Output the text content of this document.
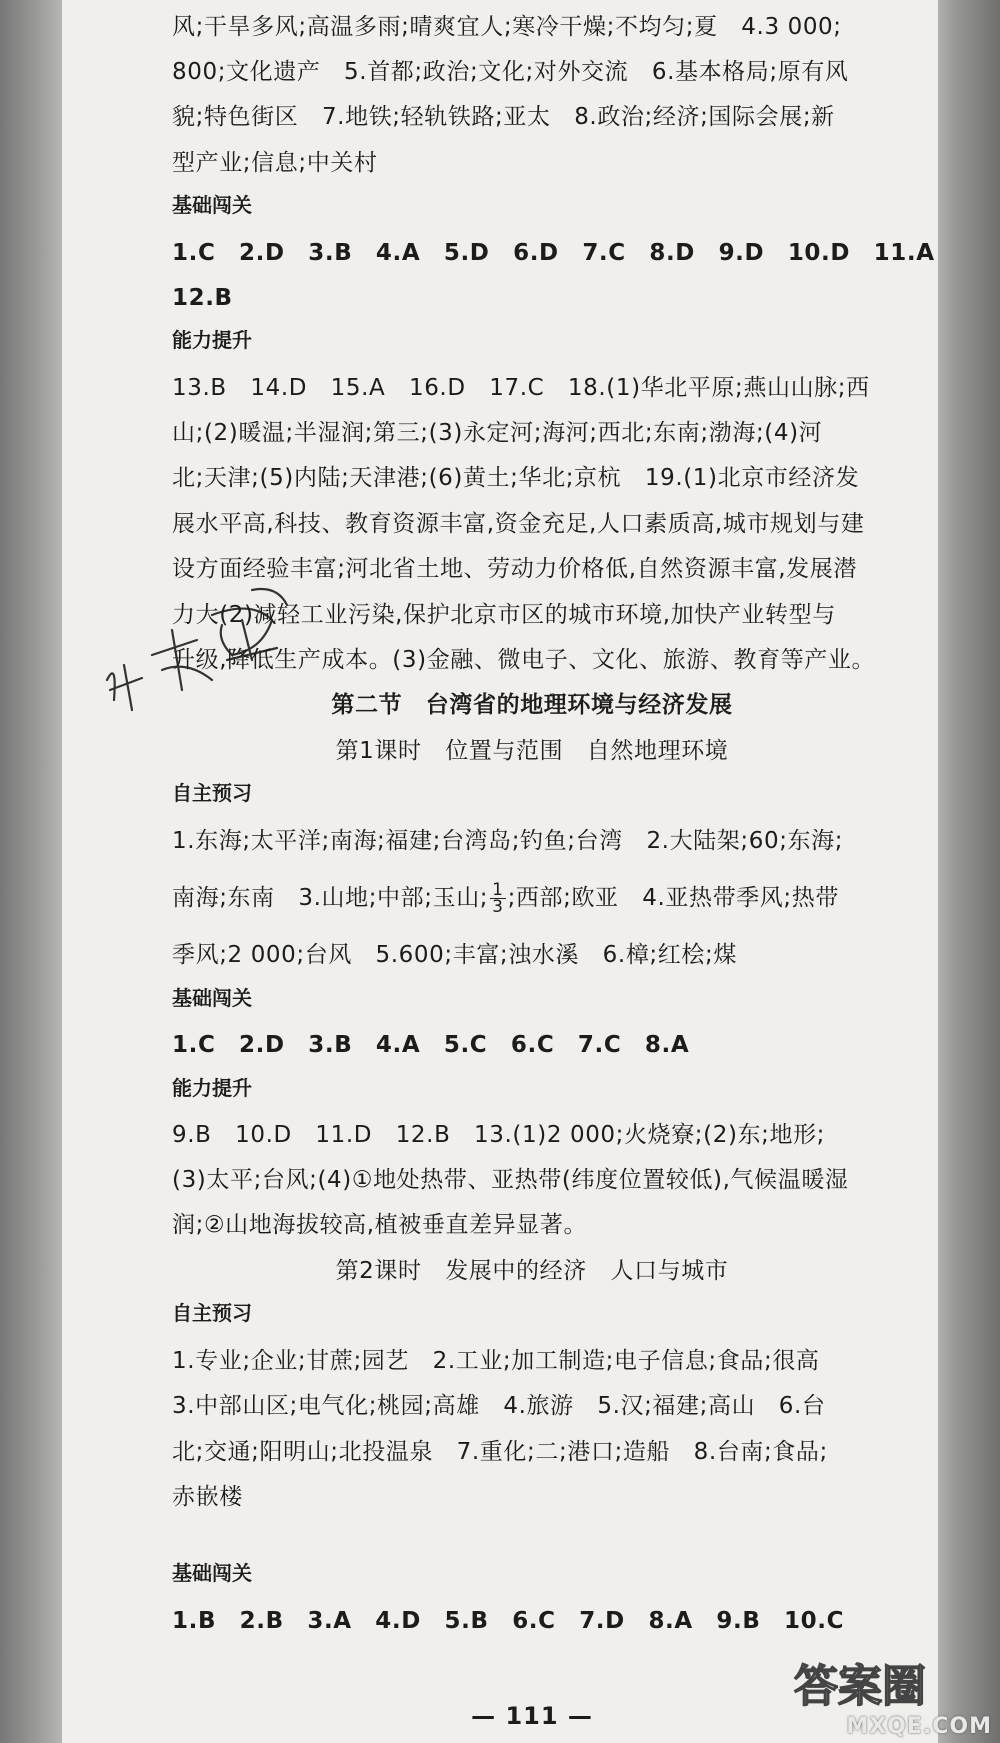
风;干旱多风;高温多雨;晴爽宜人;寒冷干燥;不均匀;夏　4.3 000;
800;文化遗产　5.首都;政治;文化;对外交流　6.基本格局;原有风
貌;特色街区　7.地铁;轻轨铁路;亚太　8.政治;经济;国际会展;新
型产业;信息;中关村
基础闯关
1.C　2.D　3.B　4.A　5.D　6.D　7.C　8.D　9.D　10.D　11.A
12.B
能力提升
13.B　14.D　15.A　16.D　17.C　18.(1)华北平原;燕山山脉;西
山;(2)暖温;半湿润;第三;(3)永定河;海河;西北;东南;渤海;(4)河
北;天津;(5)内陆;天津港;(6)黄土;华北;京杭　19.(1)北京市经济发
展水平高,科技、教育资源丰富,资金充足,人口素质高,城市规划与建
设方面经验丰富;河北省土地、劳动力价格低,自然资源丰富,发展潜
力大(2)减轻工业污染,保护北京市区的城市环境,加快产业转型与
升级,降低生产成本。(3)金融、微电子、文化、旅游、教育等产业。
第二节　台湾省的地理环境与经济发展
第1课时　位置与范围　自然地理环境
自主预习
1.东海;太平洋;南海;福建;台湾岛;钓鱼;台湾　2.大陆架;60;东海;
南海;东南　3.山地;中部;玉山; $\frac{1}{3}$ ;西部;欧亚　4.亚热带季风;热带
季风;2 000;台风　5.600;丰富;浊水溪　6.樟;红桧;煤
基础闯关
1.C　2.D　3.B　4.A　5.C　6.C　7.C　8.A
能力提升
9.B　10.D　11.D　12.B　13.(1)2 000;火烧寮;(2)东;地形;
(3)太平;台风;(4)①地处热带、亚热带(纬度位置较低),气候温暖湿
润;②山地海拔较高,植被垂直差异显著。
第2课时　发展中的经济　人口与城市
自主预习
1.专业;企业;甘蔗;园艺　2.工业;加工制造;电子信息;食品;很高
3.中部山区;电气化;桃园;高雄　4.旅游　5.汉;福建;高山　6.台
北;交通;阳明山;北投温泉　7.重化;二;港口;造船　8.台南;食品;
赤嵌楼
基础闯关
1.B　2.B　3.A　4.D　5.B　6.C　7.D　8.A　9.B　10.C
— 111 —
答案圈
MXQE.COM
